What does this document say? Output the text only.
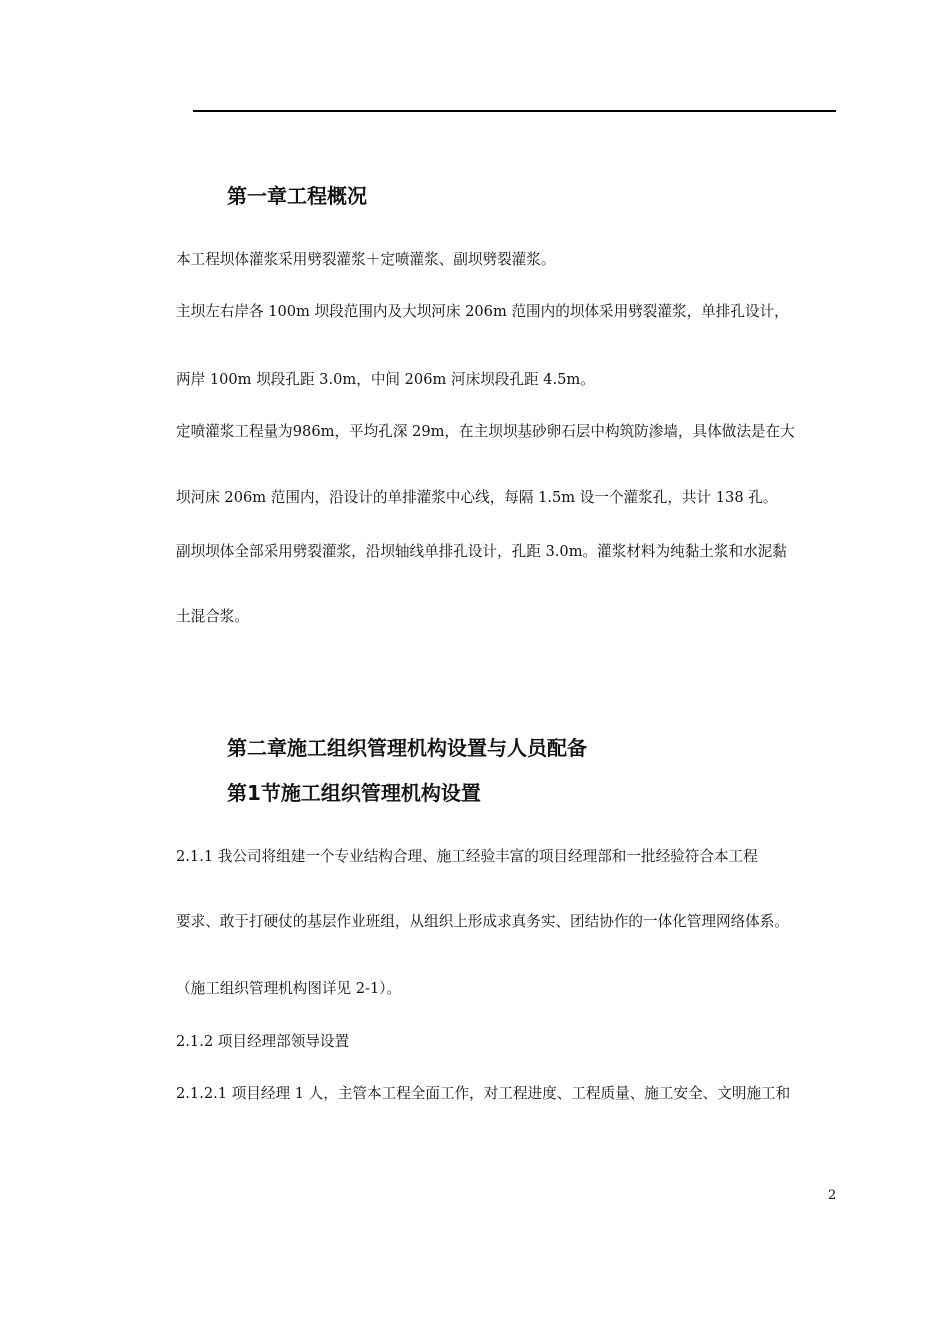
第一章工程概况
本工程坝体灌浆采用劈裂灌浆＋定喷灌浆、副坝劈裂灌浆。
主坝左右岸各 100m 坝段范围内及大坝河床 206m 范围内的坝体采用劈裂灌浆，单排孔设计，
两岸 100m 坝段孔距 3.0m，中间 206m 河床坝段孔距 4.5m。
定喷灌浆工程量为986m，平均孔深 29m，在主坝坝基砂卵石层中构筑防渗墙，具体做法是在大
坝河床 206m 范围内，沿设计的单排灌浆中心线，每隔 1.5m 设一个灌浆孔，共计 138 孔。
副坝坝体全部采用劈裂灌浆，沿坝轴线单排孔设计，孔距 3.0m。灌浆材料为纯黏土浆和水泥黏
土混合浆。
第二章施工组织管理机构设置与人员配备
第1节施工组织管理机构设置
2.1.1 我公司将组建一个专业结构合理、施工经验丰富的项目经理部和一批经验符合本工程
要求、敢于打硬仗的基层作业班组，从组织上形成求真务实、团结协作的一体化管理网络体系。
（施工组织管理机构图详见 2-1）。
2.1.2 项目经理部领导设置
2.1.2.1 项目经理 1 人，主管本工程全面工作，对工程进度、工程质量、施工安全、文明施工和
2
